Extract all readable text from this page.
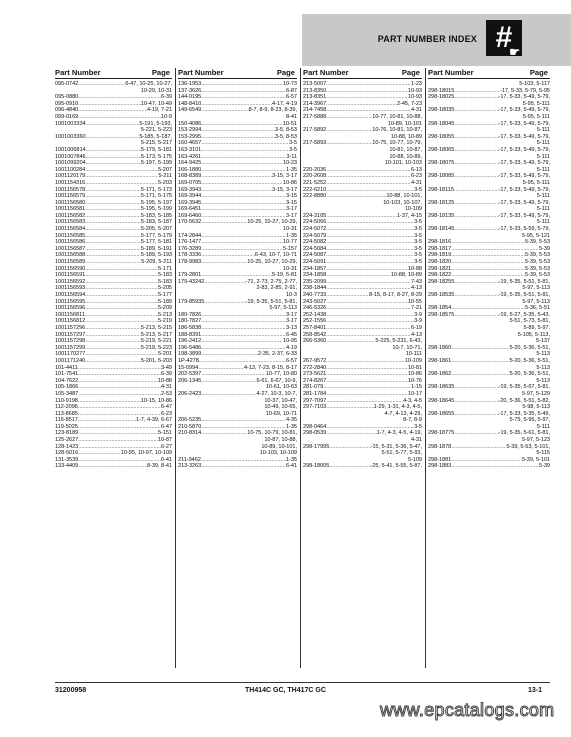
PART NUMBER INDEX #
☛
Part Number	Page
095-0742 .....	6-47, 10-25, 10-27,
10-29, 10-31
095-0880 .....	6-39
095-0910 .....	10-47, 10-49
096-4840 .....	4-19, 7-21
099-0169 .....	10-9
1001003334 .....	5-191, 5-193,
5-221, 5-223
1001003360 .....	5-185, 5-187,
5-215, 5-217
1001006814 .....	5-179, 5-181
1001007846 .....	5-173, 5-175
1001099204 .....	5-197, 5-199
1001100284 .....	5-207
1001120179 .....	5-211
1001154316 .....	5-203
1001156578 .....	5-171, 5-173
1001156579 .....	5-171, 5-175
1001156580 .....	5-195, 5-197
1001156581 .....	5-195, 5-199
1001156582 .....	5-183, 5-185
1001156583 .....	5-183, 5-187
1001156584 .....	5-205, 5-207
1001156585 .....	5-177, 5-179
1001156586 .....	5-177, 5-181
1001156587 .....	5-189, 5-191
1001156588 .....	5-189, 5-193
1001156589 .....	5-209, 5-211
1001156590 .....	5-171
1001156591 .....	5-183
1001156592 .....	5-183
1001156593 .....	5-205
1001156594 .....	5-177
1001156595 .....	5-189
1001156596 .....	5-209
1001156811 .....	5-213
1001156812 .....	5-219
1001157296 .....	5-213, 5-215
1001157297 .....	5-213, 5-217
1001157298 .....	5-219, 5-221
1001157299 .....	5-219, 5-223
1001170277 .....	5-201
1001171240 .....	5-201, 5-203
101-4411 .....	3-49
101-7541 .....	6-39
104-7622 .....	10-88
105-1866 .....	4-31
105-3487 .....	2-53
110-9198 .....	10-15, 10-86
112-2096 .....	6-47
113-8685 .....	6-23
116-8517 .....	1-7, 4-39, 6-67
119-5025 .....	6-47
123-8189 .....	5-151
125-2627 .....	10-87
128-1423 .....	6-27
128-5016 .....	10-95, 10-97, 10-109
131-3539 .....	6-41
133-4409 .....	8-39, 8-41
Part Number	Page
136-1953 .....	10-73
137-3626 .....	6-87
144-0195 .....	6-57
148-8410 .....	4-17, 4-19
149-6549 .....	8-7, 8-9, 8-23, 8-39,
8-41
150-4086 .....	10-51
153-2994 .....	3-5, 8-53
153-2995 .....	3-5, 8-53
160-4657 .....	3-5
163-3101 .....	3-5
163-4261 .....	3-11
164-9425 .....	10-23
166-1880 .....	1-35
168-8389 .....	3-15, 3-17
169-0705 .....	10-86
169-3943 .....	3-15, 3-17
169-3944 .....	3-15
169-3945 .....	3-15
169-6451 .....	3-17
169-6460 .....	3-17
170-5632 .....	10-25, 10-27, 10-29,
10-31
174-2844 .....	1-35
176-1477 .....	10-77
176-3289 .....	5-157
178-3336 .....	6-43, 10-7, 10-71
178-9983 .....	10-25, 10-27, 10-29,
10-31
179-2801 .....	5-19, 5-81
179-43242 .....	-71, 2-73, 2-75, 2-77,
2-83, 2-85, 2-91,
10-3
179-85935 .....	-19, 5-35, 5-51, 5-81,
5-97, 5-113
180-7826 .....	3-17
180-7827 .....	3-17
186-5838 .....	3-13
188-8391 .....	6-45
196-2412 .....	10-95
196-5486 .....	4-19
198-3899 .....	2-35, 2-37, 6-33
1P-4278 .....	6-57
15-0994 .....	4-13, 7-23, 8-15, 8-17
202-5397 .....	10-77, 10-80
206-1345 .....	6-61, 6-67, 10-9,
10-61, 10-63
206-2423 .....	4-27, 10-3, 10-7,
10-37, 10-47,
10-49, 10-65,
10-69, 10-71
206-5235 .....	4-35
210-5870 .....	1-35
210-8314 .....	10-75, 10-79, 10-81,
10-87, 10-88,
10-89, 10-101,
10-103, 10-109
211-9462 .....	1-35
213-3263 .....	6-41
Part Number	Page
213-5007 .....	1-23
213-8350 .....	10-93
213-8351 .....	10-93
214-3967 .....	2-45, 7-23
214-7458 .....	4-31
217-5888 .....	10-77, 10-81, 10-88,
10-89, 10-101
217-5892 .....	10-76, 10-81, 10-87,
10-88, 10-89
217-5893 .....	10-75, 10-77, 10-79,
10-81, 10-87,
10-88, 10-89,
10-101, 10-103
220-2036 .....	6-13
220-2608 .....	6-23
221-5252 .....	4-31
222-6210 .....	3-5
222-8880 .....	10-88, 10-101,
10-103, 10-107,
10-109
224-3105 .....	1-37, 4-15
224-5066 .....	3-5
224-5072 .....	3-5
224-5079 .....	3-5
224-5082 .....	3-5
224-5084 .....	3-5
224-5087 .....	3-5
224-5091 .....	3-5
234-1857 .....	10-88
234-1858 .....	10-88, 10-89
235-2099 .....	7-43
238-1844 .....	4-13
240-7733 .....	8-15, 8-17, 8-27, 8-29
243-5027 .....	10-55
246-5326 .....	7-21
252-1438 .....	3-9
252-1556 .....	3-9
257-8401 .....	6-19
258-8542 .....	4-13
266-5360 .....	5-225, 5-231, 6-43,
10-7, 10-71,
10-111
267-9572 .....	10-109
272-2840 .....	10-81
273-5621 .....	10-86
274-8267 .....	10-76
281-079 .....	1-15
281-1784 .....	10-17
297-7097 .....	4-3, 4-5
297-7103 .....	1-29, 1-31, 4-3, 4-5,
4-7, 4-13, 4-29,
8-7, 8-9
298-0464 .....	3-5
298-0539 .....	1-7, 4-3, 4-5, 4-19,
4-31
298-17995 .....	-15, 5-31, 5-36, 5-47,
5-51, 5-77, 5-93,
5-109
298-18005 .....	-25, 5-41, 5-55, 5-87,
Part Number	Page
5-103, 5-117
298-18015 .....	-17, 5-33, 5-79, 5-95
298-18025 .....	-17, 5-33, 5-49, 5-79,
5-95, 5-111
298-18035 .....	-17, 5-33, 5-49, 5-79,
5-95, 5-111
298-18045 .....	-17, 5-33, 5-49, 5-79,
5-111
298-18055 .....	-17, 5-33, 5-49, 5-79,
5-111
298-18065 .....	-17, 5-33, 5-49, 5-79,
5-111
298-18075 .....	-17, 5-33, 5-49, 5-79,
5-111
298-18085 .....	-17, 5-33, 5-49, 5-79,
5-95, 5-111
298-18115 .....	-17, 5-33, 5-49, 5-79,
5-111
298-18125 .....	-17, 5-33, 5-49, 5-79,
5-111
298-18135 .....	-17, 5-33, 5-49, 5-79,
5-111
298-18145 .....	-17, 5-33, 5-59, 5-79,
5-95, 5-121
298-1816 .....	5-39, 5-53
298-1817 .....	5-39
298-1819 .....	5-39, 5-53
298-1820 .....	5-39, 5-53
298-1821 .....	5-39, 5-53
298-1822 .....	5-39, 5-53
298-18255 .....	-19, 5-35, 5-51, 5-81,
5-97, 5-113
298-18535 .....	-19, 5-35, 5-51, 5-81,
5-97, 5-113
298-1854 .....	5-36, 5-51
298-18575 .....	-19, 5-27, 5-35, 5-43,
5-51, 5-73, 5-81,
5-89, 5-97,
5-105, 5-113,
5-137
298-1860 .....	5-20, 5-36, 5-51,
5-113
298-1861 .....	5-20, 5-36, 5-51,
5-113
298-1862 .....	5-20, 5-36, 5-51,
5-113
298-18635 .....	-19, 5-35, 5-67, 5-81,
5-97, 5-129
298-18645 .....	-20, 5-36, 5-51, 5-82,
5-98, 5-113
298-18655 .....	-17, 5-33, 5-35, 5-49,
5-79, 5-95, 5-97,
5-111
298-18775 .....	-19, 5-35, 5-61, 5-81,
5-97, 5-123
298-1878 .....	5-39, 5-53, 5-101,
5-115
298-1881 .....	5-39, 5-101
298-1883 .....	5-39
31200958	TH414C GC, TH417C GC	13-1
www.epcatalogs.com
